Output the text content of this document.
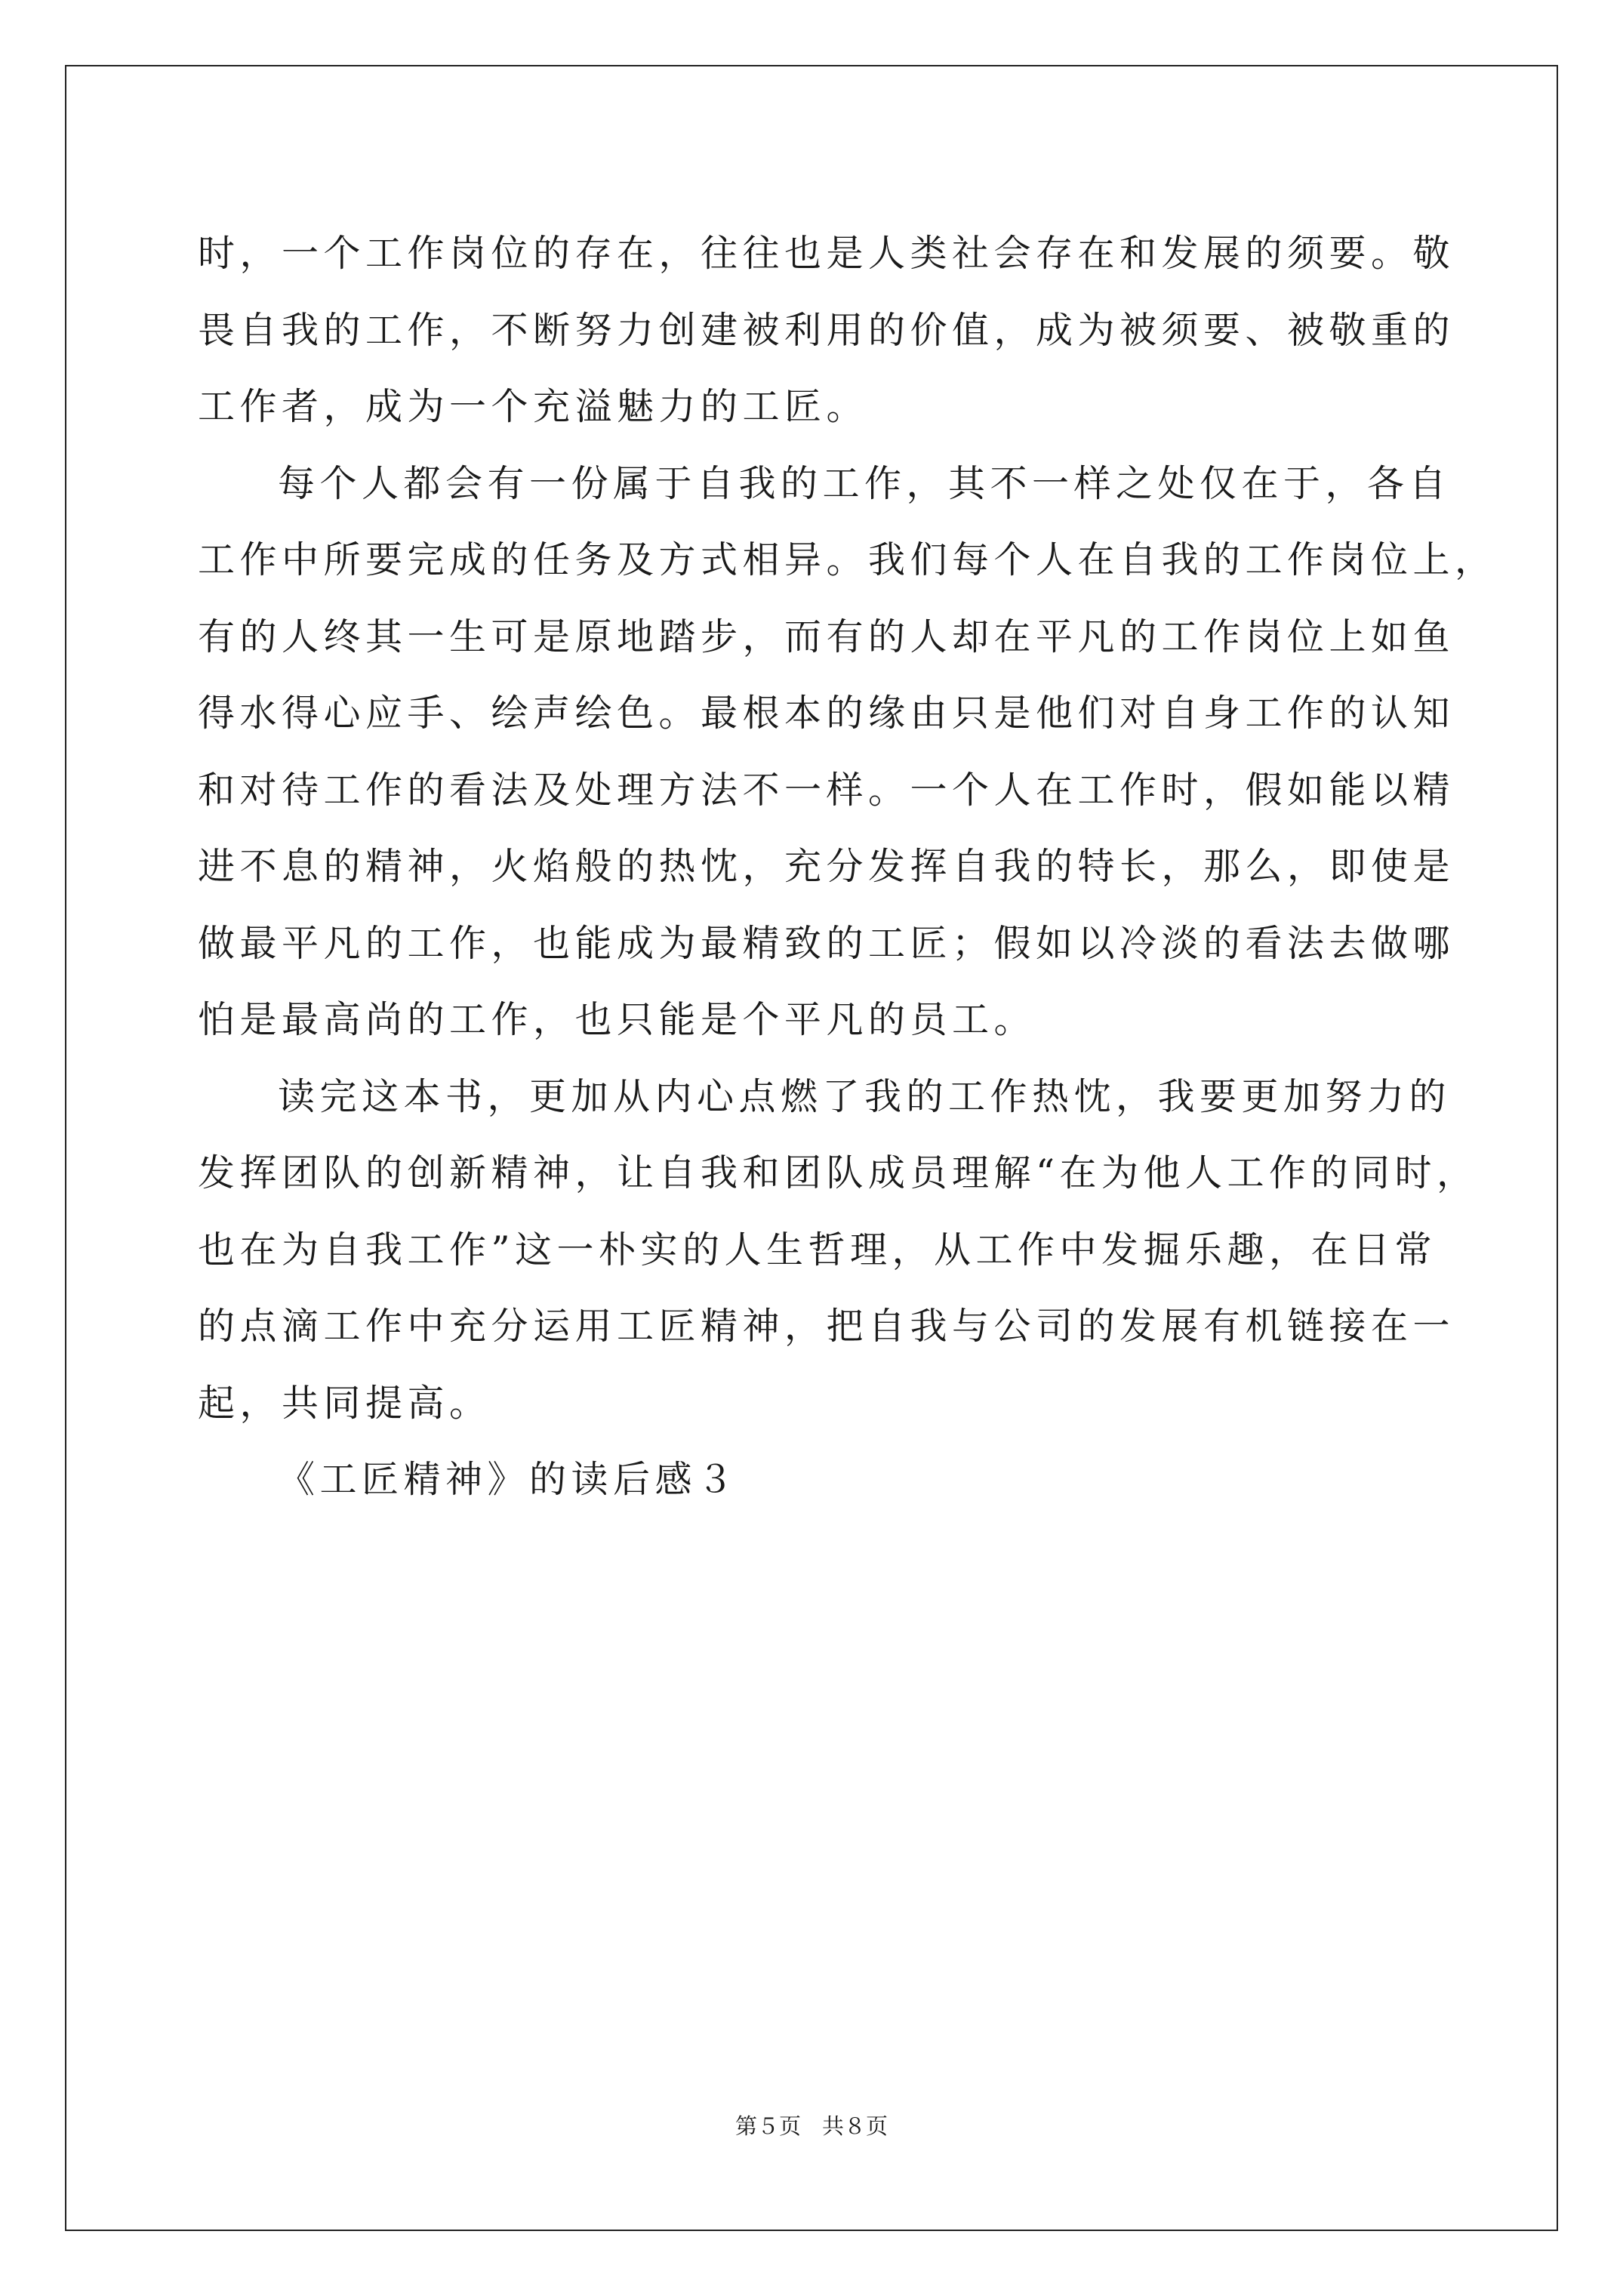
时，一个工作岗位的存在，往往也是人类社会存在和发展的须要。敬
畏自我的工作，不断努力创建被利用的价值，成为被须要、被敬重的
工作者，成为一个充溢魅力的工匠。
每个人都会有一份属于自我的工作，其不一样之处仅在于，各自
工作中所要完成的任务及方式相异。我们每个人在自我的工作岗位上，
有的人终其一生可是原地踏步，而有的人却在平凡的工作岗位上如鱼
得水得心应手、绘声绘色。最根本的缘由只是他们对自身工作的认知
和对待工作的看法及处理方法不一样。一个人在工作时，假如能以精
进不息的精神，火焰般的热忱，充分发挥自我的特长，那么，即使是
做最平凡的工作，也能成为最精致的工匠；假如以冷淡的看法去做哪
怕是最高尚的工作，也只能是个平凡的员工。
读完这本书，更加从内心点燃了我的工作热忱，我要更加努力的
发挥团队的创新精神，让自我和团队成员理解“在为他人工作的同时，
也在为自我工作”这一朴实的人生哲理，从工作中发掘乐趣，在日常
的点滴工作中充分运用工匠精神，把自我与公司的发展有机链接在一
起，共同提高。
《工匠精神》的读后感３
第５页 共８页
